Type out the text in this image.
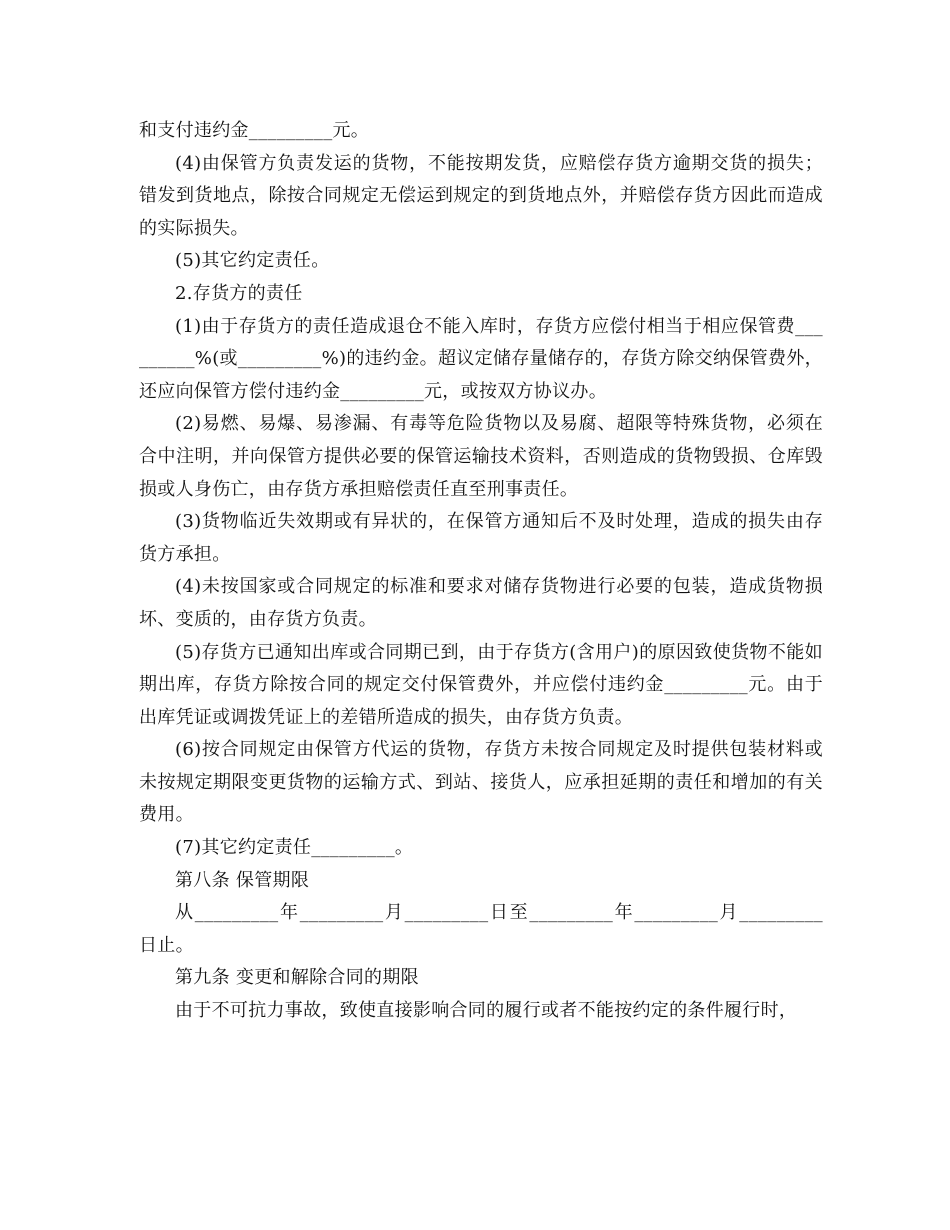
和支付违约金_________元。

(4)由保管方负责发运的货物，不能按期发货，应赔偿存货方逾期交货的损失；错发到货地点，除按合同规定无偿运到规定的到货地点外，并赔偿存货方因此而造成的实际损失。

(5)其它约定责任。

2.存货方的责任

(1)由于存货方的责任造成退仓不能入库时，存货方应偿付相当于相应保管费_________%(或_________%)的违约金。超议定储存量储存的，存货方除交纳保管费外，还应向保管方偿付违约金_________元，或按双方协议办。

(2)易燃、易爆、易渗漏、有毒等危险货物以及易腐、超限等特殊货物，必须在合中注明，并向保管方提供必要的保管运输技术资料，否则造成的货物毁损、仓库毁损或人身伤亡，由存货方承担赔偿责任直至刑事责任。

(3)货物临近失效期或有异状的，在保管方通知后不及时处理，造成的损失由存货方承担。

(4)未按国家或合同规定的标准和要求对储存货物进行必要的包装，造成货物损坏、变质的，由存货方负责。

(5)存货方已通知出库或合同期已到，由于存货方(含用户)的原因致使货物不能如期出库，存货方除按合同的规定交付保管费外，并应偿付违约金_________元。由于出库凭证或调拨凭证上的差错所造成的损失，由存货方负责。

(6)按合同规定由保管方代运的货物，存货方未按合同规定及时提供包装材料或未按规定期限变更货物的运输方式、到站、接货人，应承担延期的责任和增加的有关费用。

(7)其它约定责任_________。

第八条 保管期限

从_________年_________月_________日至_________年_________月_________日止。

第九条 变更和解除合同的期限

由于不可抗力事故，致使直接影响合同的履行或者不能按约定的条件履行时，
